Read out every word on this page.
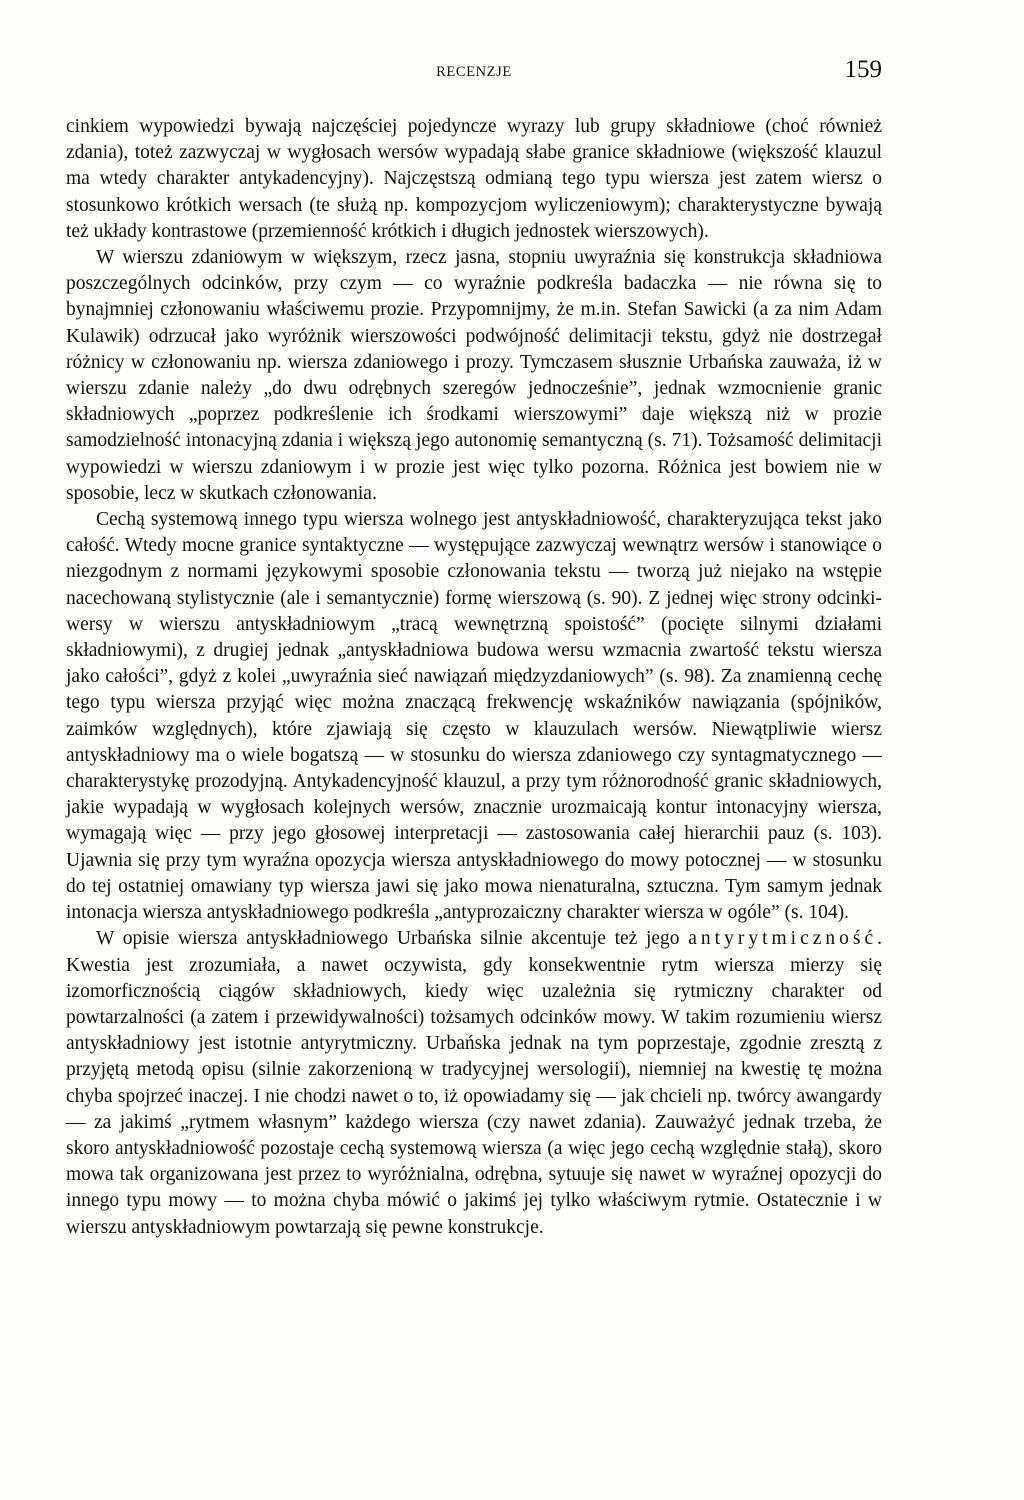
RECENZJE	159

cinkiem wypowiedzi bywają najczęściej pojedyncze wyrazy lub grupy składniowe (choć również zdania), toteż zazwyczaj w wygłosach wersów wypadają słabe granice składniowe (większość klauzul ma wtedy charakter antykadencyjny). Najczęstszą odmianą tego typu wiersza jest zatem wiersz o stosunkowo krótkich wersach (te służą np. kompozycjom wyliczeniowym); charakterystyczne bywają też układy kontrastowe (przemienność krótkich i długich jednostek wierszowych).

W wierszu zdaniowym w większym, rzecz jasna, stopniu uwyraźnia się konstrukcja składniowa poszczególnych odcinków, przy czym — co wyraźnie podkreśla badaczka — nie równa się to bynajmniej członowaniu właściwemu prozie. Przypomnijmy, że m.in. Stefan Sawicki (a za nim Adam Kulawik) odrzucał jako wyróżnik wierszowości podwójność delimitacji tekstu, gdyż nie dostrzegał różnicy w członowaniu np. wiersza zdaniowego i prozy. Tymczasem słusznie Urbańska zauważa, iż w wierszu zdanie należy „do dwu odrębnych szeregów jednocześnie”, jednak wzmocnienie granic składniowych „poprzez podkreślenie ich środkami wierszowymi” daje większą niż w prozie samodzielność intonacyjną zdania i większą jego autonomię semantyczną (s. 71). Tożsamość delimitacji wypowiedzi w wierszu zdaniowym i w prozie jest więc tylko pozorna. Różnica jest bowiem nie w sposobie, lecz w skutkach członowania.

Cechą systemową innego typu wiersza wolnego jest antyskładniowość, charakteryzująca tekst jako całość. Wtedy mocne granice syntaktyczne — występujące zazwyczaj wewnątrz wersów i stanowiące o niezgodnym z normami językowymi sposobie członowania tekstu — tworzą już niejako na wstępie nacechowaną stylistycznie (ale i semantycznie) formę wierszową (s. 90). Z jednej więc strony odcinki-wersy w wierszu antyskładniowym „tracą wewnętrzną spoistość” (pocięte silnymi działami składniowymi), z drugiej jednak „antyskładniowa budowa wersu wzmacnia zwartość tekstu wiersza jako całości”, gdyż z kolei „uwyraźnia sieć nawiązań międzyzdaniowych” (s. 98). Za znamienną cechę tego typu wiersza przyjąć więc można znaczącą frekwencję wskaźników nawiązania (spójników, zaimków względnych), które zjawiają się często w klauzulach wersów. Niewątpliwie wiersz antyskładniowy ma o wiele bogatszą — w stosunku do wiersza zdaniowego czy syntagmatycznego — charakterystykę prozodyjną. Antykadencyjność klauzul, a przy tym różnorodność granic składniowych, jakie wypadają w wygłosach kolejnych wersów, znacznie urozmaicają kontur intonacyjny wiersza, wymagają więc — przy jego głosowej interpretacji — zastosowania całej hierarchii pauz (s. 103). Ujawnia się przy tym wyraźna opozycja wiersza antyskładniowego do mowy potocznej — w stosunku do tej ostatniej omawiany typ wiersza jawi się jako mowa nienaturalna, sztuczna. Tym samym jednak intonacja wiersza antyskładniowego podkreśla „antyprozaiczny charakter wiersza w ogóle” (s. 104).

W opisie wiersza antyskładniowego Urbańska silnie akcentuje też jego antyrytmiczność. Kwestia jest zrozumiała, a nawet oczywista, gdy konsekwentnie rytm wiersza mierzy się izomorficznością ciągów składniowych, kiedy więc uzależnia się rytmiczny charakter od powtarzalności (a zatem i przewidywalności) tożsamych odcinków mowy. W takim rozumieniu wiersz antyskładniowy jest istotnie antyrytmiczny. Urbańska jednak na tym poprzestaje, zgodnie zresztą z przyjętą metodą opisu (silnie zakorzenioną w tradycyjnej wersologii), niemniej na kwestię tę można chyba spojrzeć inaczej. I nie chodzi nawet o to, iż opowiadamy się — jak chcieli np. twórcy awangardy — za jakimś „rytmem własnym” każdego wiersza (czy nawet zdania). Zauważyć jednak trzeba, że skoro antyskładniowość pozostaje cechą systemową wiersza (a więc jego cechą względnie stałą), skoro mowa tak organizowana jest przez to wyróżnialna, odrębna, sytuuje się nawet w wyraźnej opozycji do innego typu mowy — to można chyba mówić o jakimś jej tylko właściwym rytmie. Ostatecznie i w wierszu antyskładniowym powtarzają się pewne konstrukcje.
